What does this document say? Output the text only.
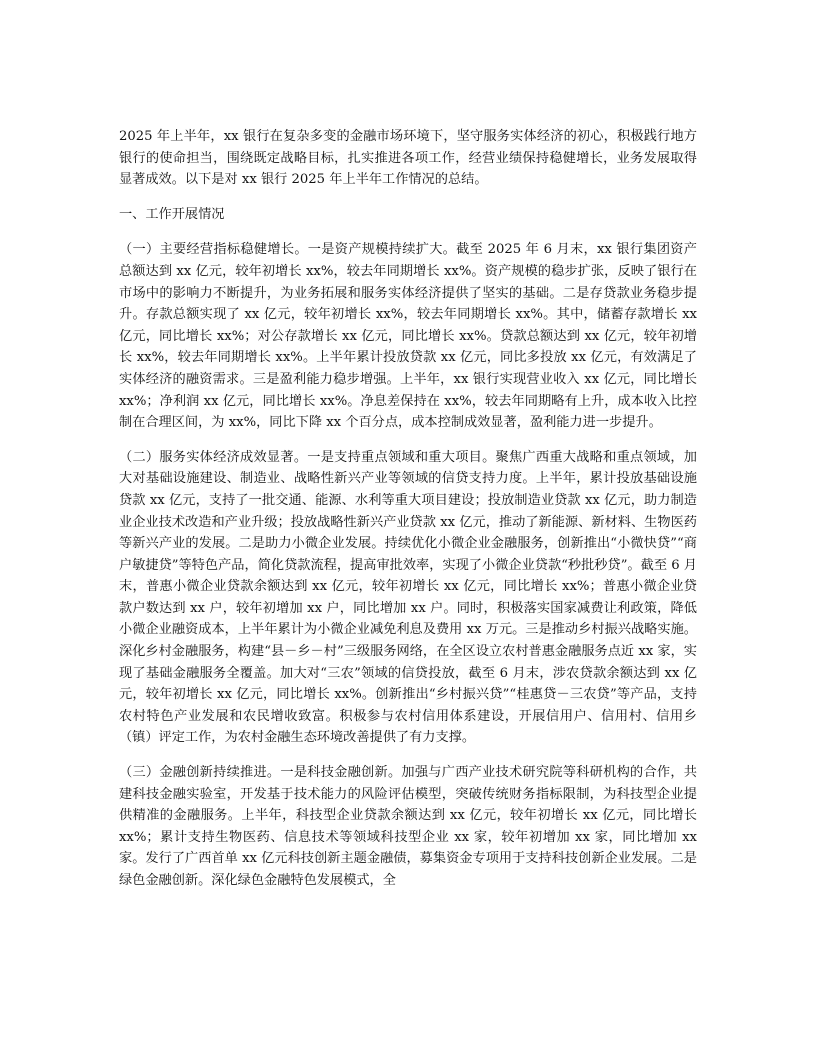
2025 年上半年，xx 银行在复杂多变的金融市场环境下，坚守服务实体经济的初心，积极践行地方银行的使命担当，围绕既定战略目标，扎实推进各项工作，经营业绩保持稳健增长，业务发展取得显著成效。以下是对 xx 银行 2025 年上半年工作情况的总结。

一、工作开展情况

（一）主要经营指标稳健增长。一是资产规模持续扩大。截至 2025 年 6 月末，xx 银行集团资产总额达到 xx 亿元，较年初增长 xx%，较去年同期增长 xx%。资产规模的稳步扩张，反映了银行在市场中的影响力不断提升，为业务拓展和服务实体经济提供了坚实的基础。二是存贷款业务稳步提升。存款总额实现了 xx 亿元，较年初增长 xx%，较去年同期增长 xx%。其中，储蓄存款增长 xx 亿元，同比增长 xx%；对公存款增长 xx 亿元，同比增长 xx%。贷款总额达到 xx 亿元，较年初增长 xx%，较去年同期增长 xx%。上半年累计投放贷款 xx 亿元，同比多投放 xx 亿元，有效满足了实体经济的融资需求。三是盈利能力稳步增强。上半年，xx 银行实现营业收入 xx 亿元，同比增长 xx%；净利润 xx 亿元，同比增长 xx%。净息差保持在 xx%，较去年同期略有上升，成本收入比控制在合理区间，为 xx%，同比下降 xx 个百分点，成本控制成效显著，盈利能力进一步提升。

（二）服务实体经济成效显著。一是支持重点领域和重大项目。聚焦广西重大战略和重点领域，加大对基础设施建设、制造业、战略性新兴产业等领域的信贷支持力度。上半年，累计投放基础设施贷款 xx 亿元，支持了一批交通、能源、水利等重大项目建设；投放制造业贷款 xx 亿元，助力制造业企业技术改造和产业升级；投放战略性新兴产业贷款 xx 亿元，推动了新能源、新材料、生物医药等新兴产业的发展。二是助力小微企业发展。持续优化小微企业金融服务，创新推出“小微快贷”“商户敏捷贷”等特色产品，简化贷款流程，提高审批效率，实现了小微企业贷款“秒批秒贷”。截至 6 月末，普惠小微企业贷款余额达到 xx 亿元，较年初增长 xx 亿元，同比增长 xx%；普惠小微企业贷款户数达到 xx 户，较年初增加 xx 户，同比增加 xx 户。同时，积极落实国家减费让利政策，降低小微企业融资成本，上半年累计为小微企业减免利息及费用 xx 万元。三是推动乡村振兴战略实施。深化乡村金融服务，构建“县－乡－村”三级服务网络，在全区设立农村普惠金融服务点近 xx 家，实现了基础金融服务全覆盖。加大对“三农”领域的信贷投放，截至 6 月末，涉农贷款余额达到 xx 亿元，较年初增长 xx 亿元，同比增长 xx%。创新推出“乡村振兴贷”“桂惠贷－三农贷”等产品，支持农村特色产业发展和农民增收致富。积极参与农村信用体系建设，开展信用户、信用村、信用乡（镇）评定工作，为农村金融生态环境改善提供了有力支撑。

（三）金融创新持续推进。一是科技金融创新。加强与广西产业技术研究院等科研机构的合作，共建科技金融实验室，开发基于技术能力的风险评估模型，突破传统财务指标限制，为科技型企业提供精准的金融服务。上半年，科技型企业贷款余额达到 xx 亿元，较年初增长 xx 亿元，同比增长 xx%；累计支持生物医药、信息技术等领域科技型企业 xx 家，较年初增加 xx 家，同比增加 xx 家。发行了广西首单 xx 亿元科技创新主题金融债，募集资金专项用于支持科技创新企业发展。二是绿色金融创新。深化绿色金融特色发展模式，全
